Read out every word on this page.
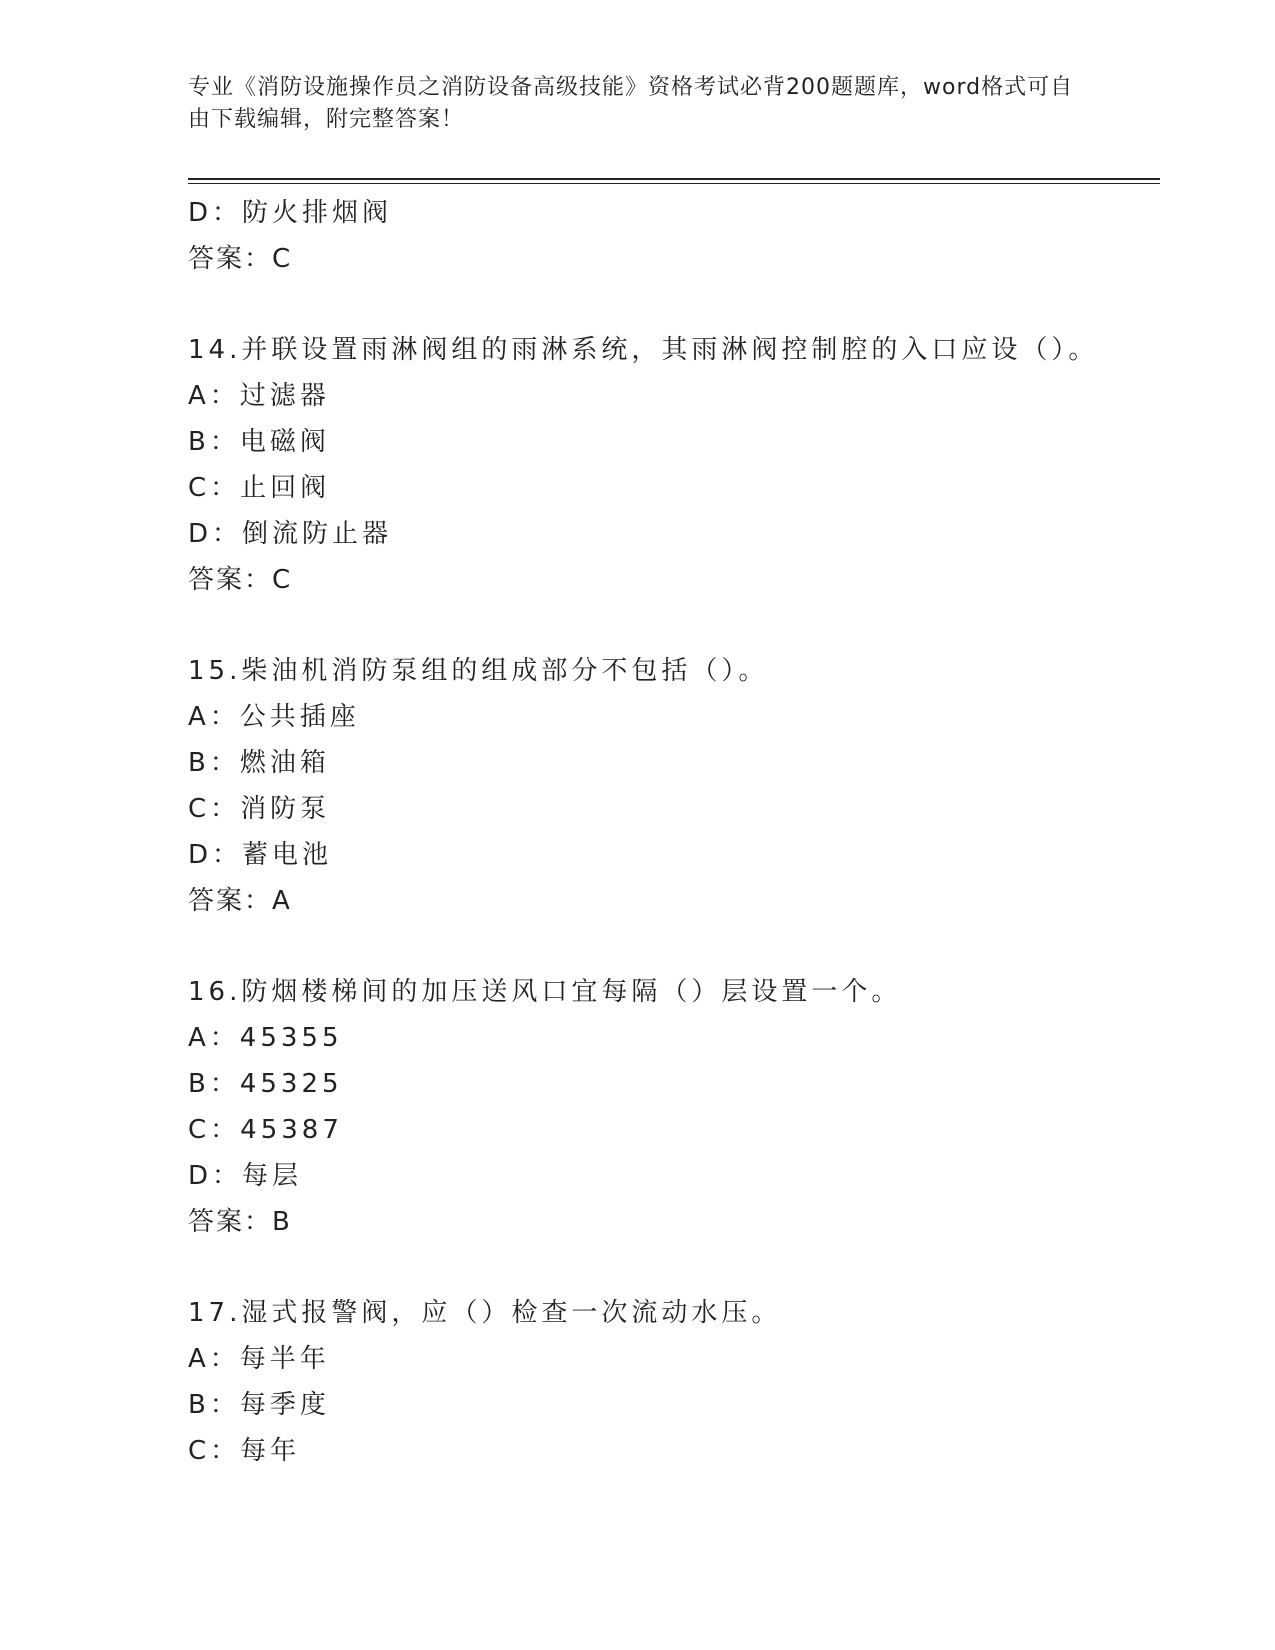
专业《消防设施操作员之消防设备高级技能》资格考试必背200题题库，word格式可自由下载编辑，附完整答案！
D：防火排烟阀
答案：C
14.并联设置雨淋阀组的雨淋系统，其雨淋阀控制腔的入口应设（）。
A：过滤器
B：电磁阀
C：止回阀
D：倒流防止器
答案：C
15.柴油机消防泵组的组成部分不包括（）。
A：公共插座
B：燃油箱
C：消防泵
D：蓄电池
答案：A
16.防烟楼梯间的加压送风口宜每隔（）层设置一个。
A：45355
B：45325
C：45387
D：每层
答案：B
17.湿式报警阀，应（）检查一次流动水压。
A：每半年
B：每季度
C：每年
